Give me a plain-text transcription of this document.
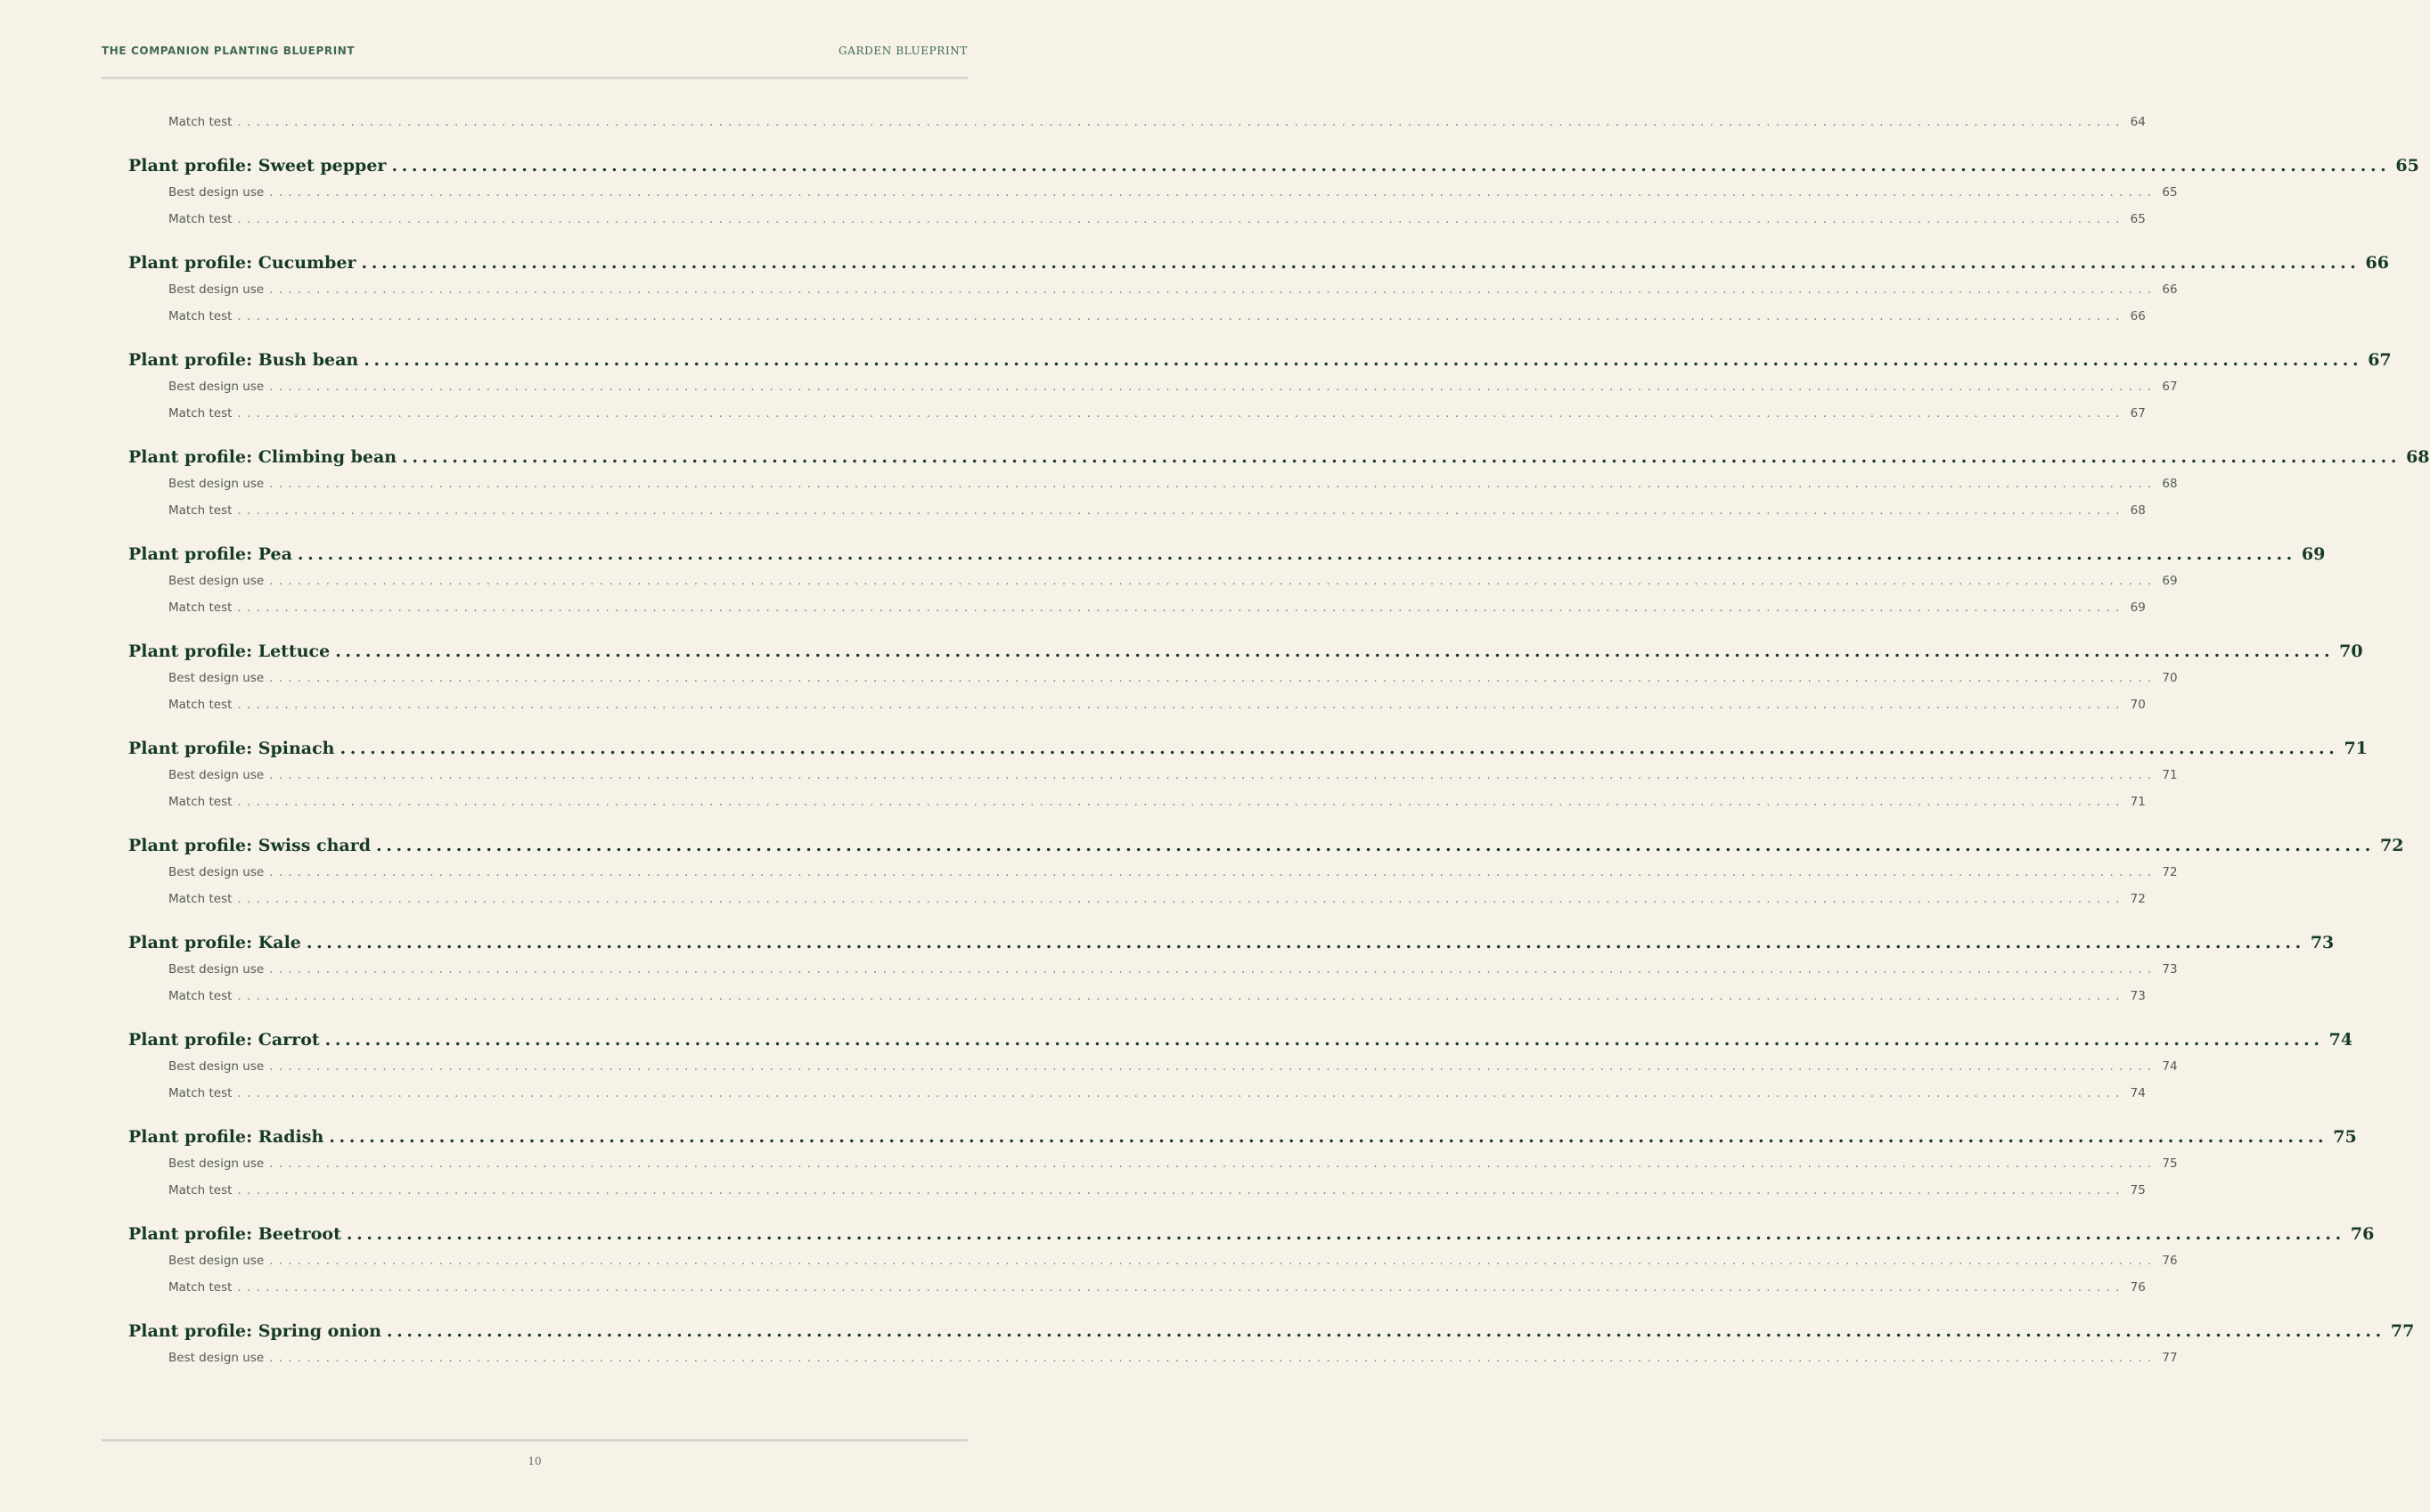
THE COMPANION PLANTING BLUEPRINT	GARDEN BLUEPRINT
Match test ........................................................................................................................................................................................................ 64
Plant profile: Sweet pepper ........................................................................................................................................................................................................ 65
Best design use ........................................................................................................................................................................................................ 65
Match test ........................................................................................................................................................................................................ 65
Plant profile: Cucumber ........................................................................................................................................................................................................ 66
Best design use ........................................................................................................................................................................................................ 66
Match test ........................................................................................................................................................................................................ 66
Plant profile: Bush bean ........................................................................................................................................................................................................ 67
Best design use ........................................................................................................................................................................................................ 67
Match test ........................................................................................................................................................................................................ 67
Plant profile: Climbing bean ........................................................................................................................................................................................................ 68
Best design use ........................................................................................................................................................................................................ 68
Match test ........................................................................................................................................................................................................ 68
Plant profile: Pea ........................................................................................................................................................................................................ 69
Best design use ........................................................................................................................................................................................................ 69
Match test ........................................................................................................................................................................................................ 69
Plant profile: Lettuce ........................................................................................................................................................................................................ 70
Best design use ........................................................................................................................................................................................................ 70
Match test ........................................................................................................................................................................................................ 70
Plant profile: Spinach ........................................................................................................................................................................................................ 71
Best design use ........................................................................................................................................................................................................ 71
Match test ........................................................................................................................................................................................................ 71
Plant profile: Swiss chard ........................................................................................................................................................................................................ 72
Best design use ........................................................................................................................................................................................................ 72
Match test ........................................................................................................................................................................................................ 72
Plant profile: Kale ........................................................................................................................................................................................................ 73
Best design use ........................................................................................................................................................................................................ 73
Match test ........................................................................................................................................................................................................ 73
Plant profile: Carrot ........................................................................................................................................................................................................ 74
Best design use ........................................................................................................................................................................................................ 74
Match test ........................................................................................................................................................................................................ 74
Plant profile: Radish ........................................................................................................................................................................................................ 75
Best design use ........................................................................................................................................................................................................ 75
Match test ........................................................................................................................................................................................................ 75
Plant profile: Beetroot ........................................................................................................................................................................................................ 76
Best design use ........................................................................................................................................................................................................ 76
Match test ........................................................................................................................................................................................................ 76
Plant profile: Spring onion ........................................................................................................................................................................................................ 77
Best design use ........................................................................................................................................................................................................ 77
10
